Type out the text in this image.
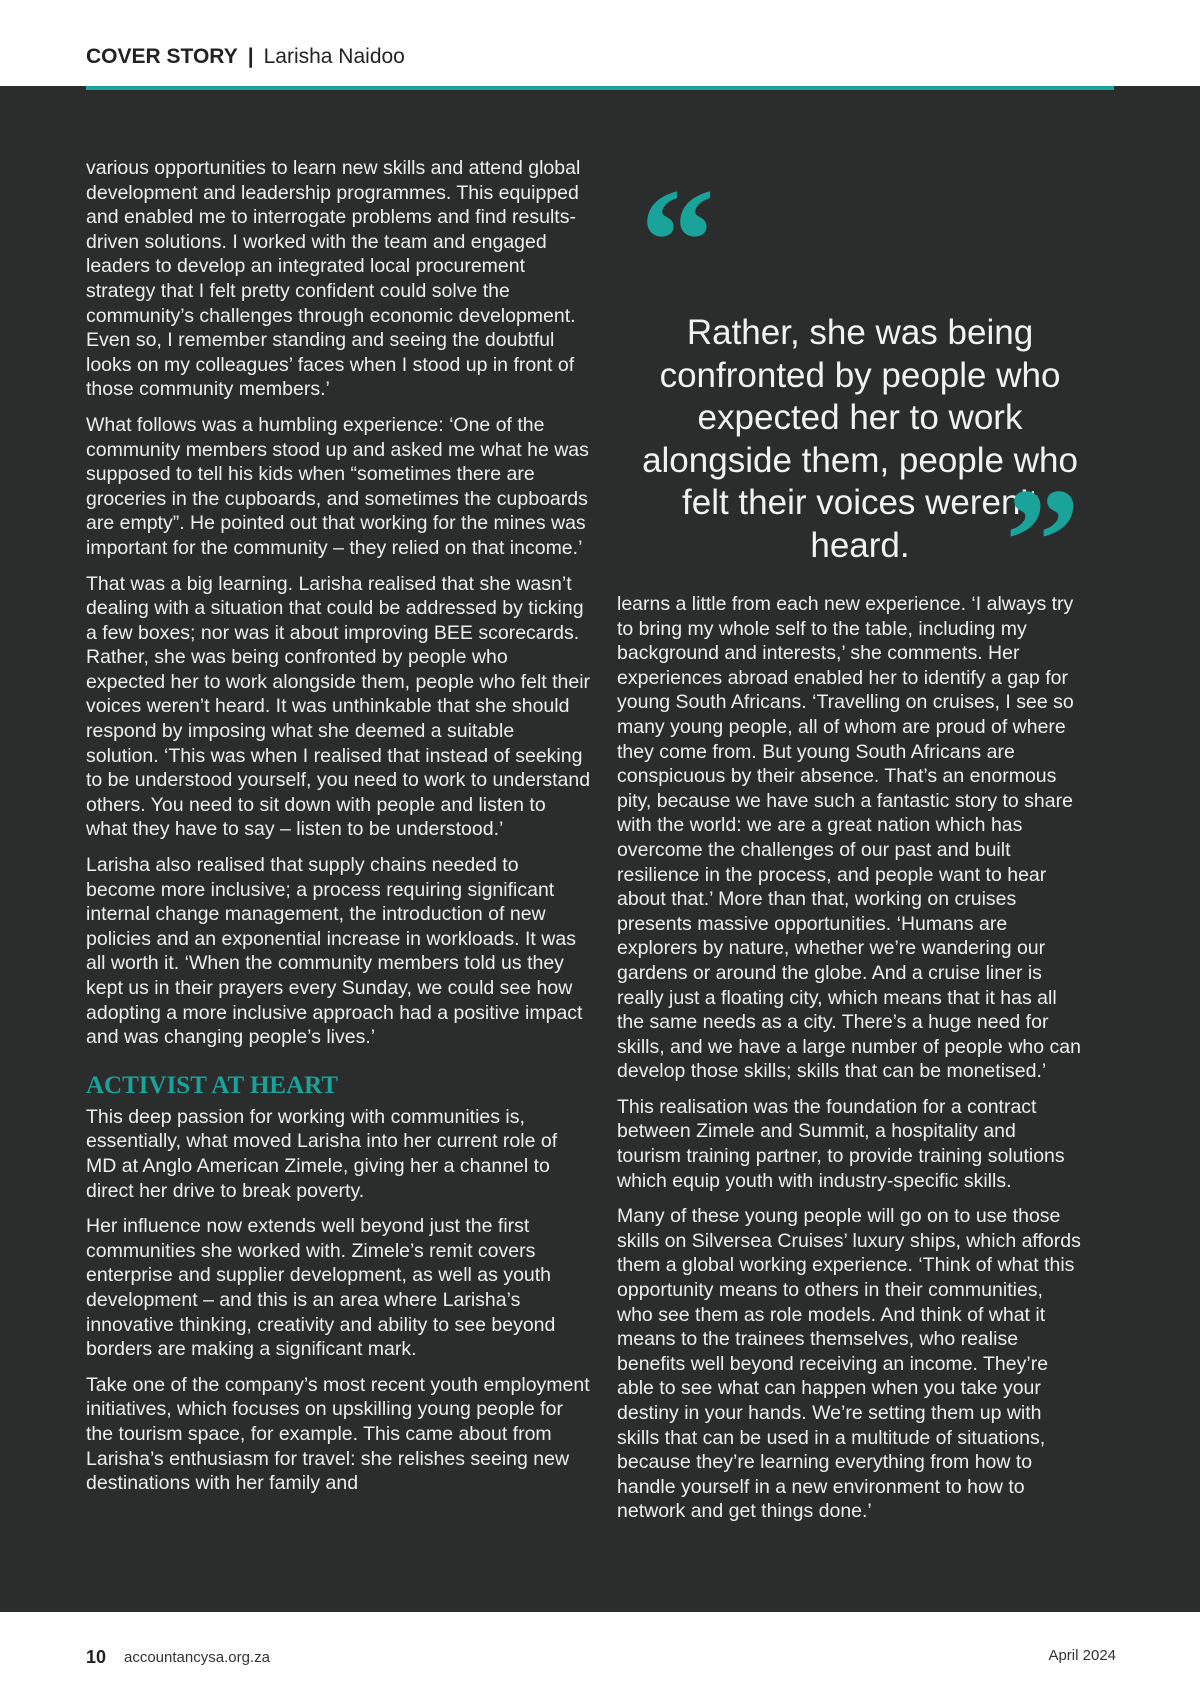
COVER STORY | Larisha Naidoo

various opportunities to learn new skills and attend global development and leadership programmes. This equipped and enabled me to interrogate problems and find results-driven solutions. I worked with the team and engaged leaders to develop an integrated local procurement strategy that I felt pretty confident could solve the community’s challenges through economic development. Even so, I remember standing and seeing the doubtful looks on my colleagues’ faces when I stood up in front of those community members.’

What follows was a humbling experience: ‘One of the community members stood up and asked me what he was supposed to tell his kids when “sometimes there are groceries in the cupboards, and sometimes the cupboards are empty”. He pointed out that working for the mines was important for the community – they relied on that income.’

That was a big learning. Larisha realised that she wasn’t dealing with a situation that could be addressed by ticking a few boxes; nor was it about improving BEE scorecards. Rather, she was being confronted by people who expected her to work alongside them, people who felt their voices weren’t heard. It was unthinkable that she should respond by imposing what she deemed a suitable solution. ‘This was when I realised that instead of seeking to be understood yourself, you need to work to understand others. You need to sit down with people and listen to what they have to say – listen to be understood.’

Larisha also realised that supply chains needed to become more inclusive; a process requiring significant internal change management, the introduction of new policies and an exponential increase in workloads. It was all worth it. ‘When the community members told us they kept us in their prayers every Sunday, we could see how adopting a more inclusive approach had a positive impact and was changing people’s lives.’

ACTIVIST AT HEART

This deep passion for working with communities is, essentially, what moved Larisha into her current role of MD at Anglo American Zimele, giving her a channel to direct her drive to break poverty.

Her influence now extends well beyond just the first communities she worked with. Zimele’s remit covers enterprise and supplier development, as well as youth development – and this is an area where Larisha’s innovative thinking, creativity and ability to see beyond borders are making a significant mark.

Take one of the company’s most recent youth employment initiatives, which focuses on upskilling young people for the tourism space, for example. This came about from Larisha’s enthusiasm for travel: she relishes seeing new destinations with her family and

“
Rather, she was being confronted by people who expected her to work alongside them, people who felt their voices weren’t heard. ”

learns a little from each new experience. ‘I always try to bring my whole self to the table, including my background and interests,’ she comments. Her experiences abroad enabled her to identify a gap for young South Africans. ‘Travelling on cruises, I see so many young people, all of whom are proud of where they come from. But young South Africans are conspicuous by their absence. That’s an enormous pity, because we have such a fantastic story to share with the world: we are a great nation which has overcome the challenges of our past and built resilience in the process, and people want to hear about that.’ More than that, working on cruises presents massive opportunities. ‘Humans are explorers by nature, whether we’re wandering our gardens or around the globe. And a cruise liner is really just a floating city, which means that it has all the same needs as a city. There’s a huge need for skills, and we have a large number of people who can develop those skills; skills that can be monetised.’

This realisation was the foundation for a contract between Zimele and Summit, a hospitality and tourism training partner, to provide training solutions which equip youth with industry-specific skills.

Many of these young people will go on to use those skills on Silversea Cruises’ luxury ships, which affords them a global working experience. ‘Think of what this opportunity means to others in their communities, who see them as role models. And think of what it means to the trainees themselves, who realise benefits well beyond receiving an income. They’re able to see what can happen when you take your destiny in your hands. We’re setting them up with skills that can be used in a multitude of situations, because they’re learning everything from how to handle yourself in a new environment to how to network and get things done.’

10 accountancysa.org.za	April 2024
